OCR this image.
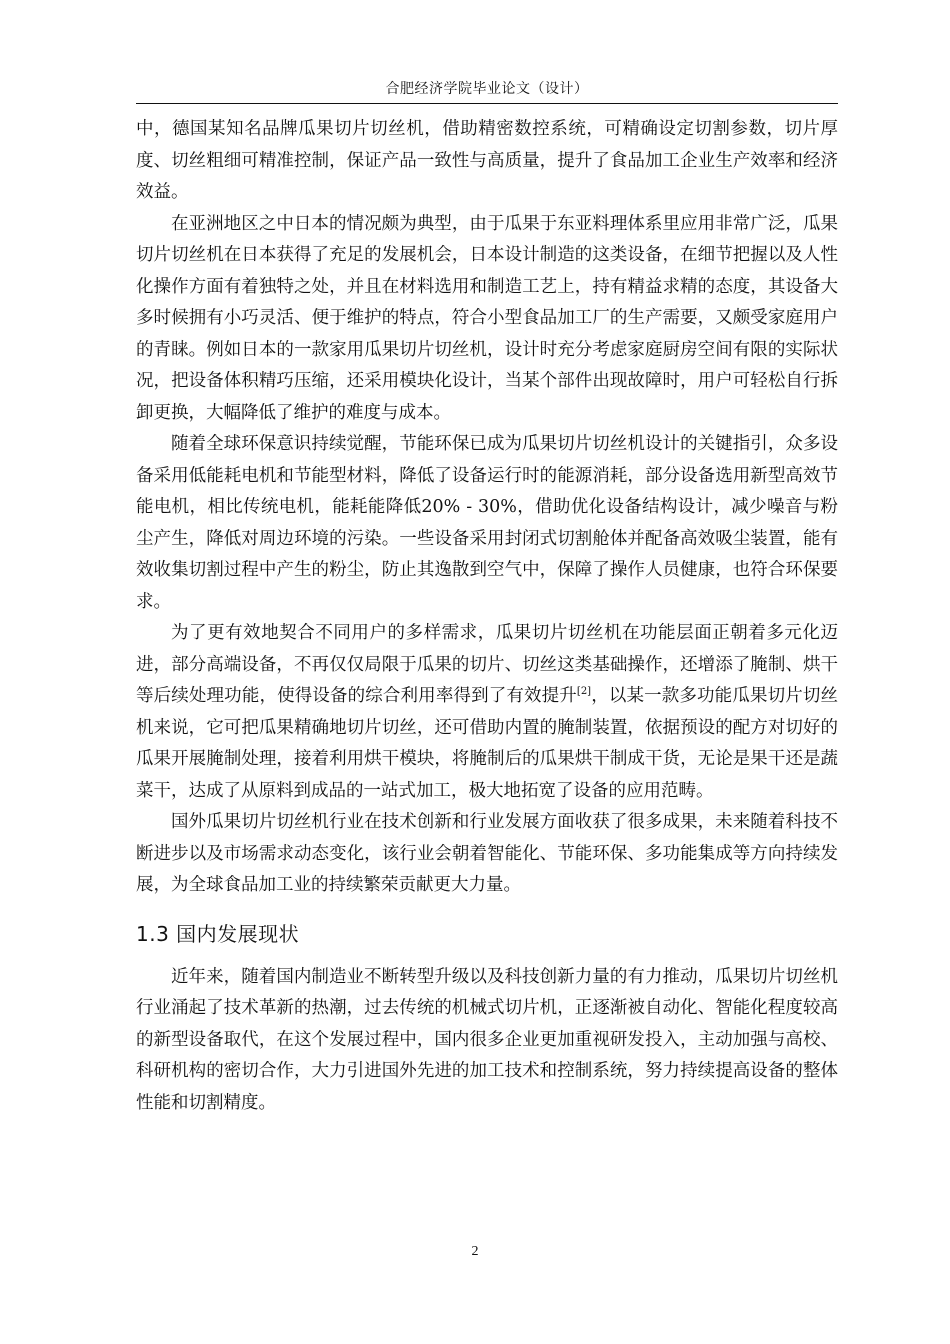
合肥经济学院毕业论文（设计）

中，德国某知名品牌瓜果切片切丝机，借助精密数控系统，可精确设定切割参数，切片厚度、切丝粗细可精准控制，保证产品一致性与高质量，提升了食品加工企业生产效率和经济效益。

在亚洲地区之中日本的情况颇为典型，由于瓜果于东亚料理体系里应用非常广泛，瓜果切片切丝机在日本获得了充足的发展机会，日本设计制造的这类设备，在细节把握以及人性化操作方面有着独特之处，并且在材料选用和制造工艺上，持有精益求精的态度，其设备大多时候拥有小巧灵活、便于维护的特点，符合小型食品加工厂的生产需要，又颇受家庭用户的青睐。例如日本的一款家用瓜果切片切丝机，设计时充分考虑家庭厨房空间有限的实际状况，把设备体积精巧压缩，还采用模块化设计，当某个部件出现故障时，用户可轻松自行拆卸更换，大幅降低了维护的难度与成本。

随着全球环保意识持续觉醒，节能环保已成为瓜果切片切丝机设计的关键指引，众多设备采用低能耗电机和节能型材料，降低了设备运行时的能源消耗，部分设备选用新型高效节能电机，相比传统电机，能耗能降低20% - 30%，借助优化设备结构设计，减少噪音与粉尘产生，降低对周边环境的污染。一些设备采用封闭式切割舱体并配备高效吸尘装置，能有效收集切割过程中产生的粉尘，防止其逸散到空气中，保障了操作人员健康，也符合环保要求。

为了更有效地契合不同用户的多样需求，瓜果切片切丝机在功能层面正朝着多元化迈进，部分高端设备，不再仅仅局限于瓜果的切片、切丝这类基础操作，还增添了腌制、烘干等后续处理功能，使得设备的综合利用率得到了有效提升[2]，以某一款多功能瓜果切片切丝机来说，它可把瓜果精确地切片切丝，还可借助内置的腌制装置，依据预设的配方对切好的瓜果开展腌制处理，接着利用烘干模块，将腌制后的瓜果烘干制成干货，无论是果干还是蔬菜干，达成了从原料到成品的一站式加工，极大地拓宽了设备的应用范畴。

国外瓜果切片切丝机行业在技术创新和行业发展方面收获了很多成果，未来随着科技不断进步以及市场需求动态变化，该行业会朝着智能化、节能环保、多功能集成等方向持续发展，为全球食品加工业的持续繁荣贡献更大力量。

1.3 国内发展现状

近年来，随着国内制造业不断转型升级以及科技创新力量的有力推动，瓜果切片切丝机行业涌起了技术革新的热潮，过去传统的机械式切片机，正逐渐被自动化、智能化程度较高的新型设备取代，在这个发展过程中，国内很多企业更加重视研发投入，主动加强与高校、科研机构的密切合作，大力引进国外先进的加工技术和控制系统，努力持续提高设备的整体性能和切割精度。

2
